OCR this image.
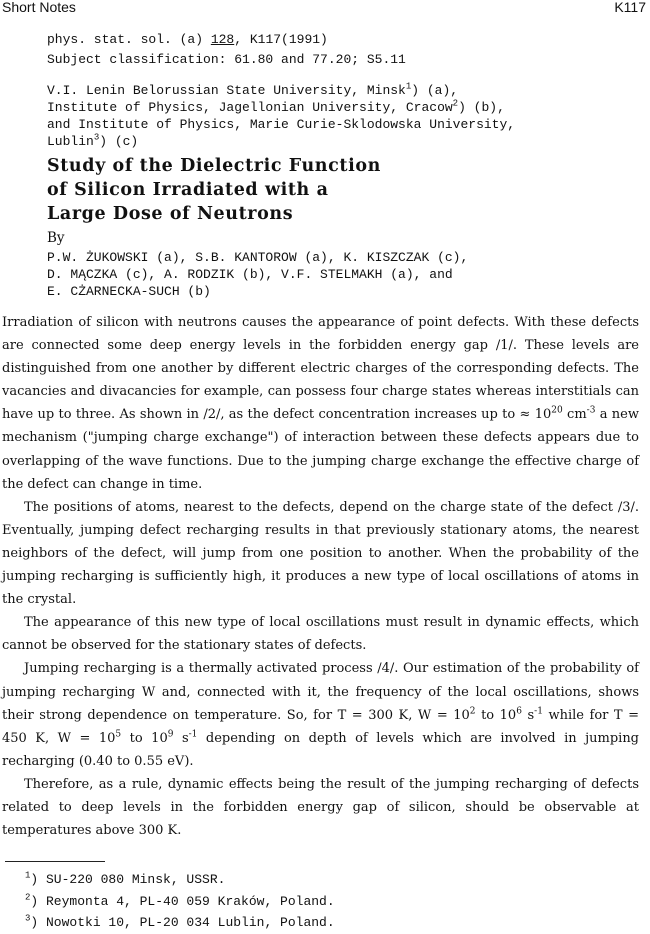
Short Notes	K117
phys. stat. sol. (a) 128, K117(1991)
Subject classification: 61.80 and 77.20; S5.11
V.I. Lenin Belorussian State University, Minsk$^1$) (a),
Institute of Physics, Jagellonian University, Cracow$^2$) (b),
and Institute of Physics, Marie Curie-Sklodowska University,
Lublin$^3$) (c)
Study of the Dielectric Function
of Silicon Irradiated with a
Large Dose of Neutrons
By
P.W. ŻUKOWSKI (a), S.B. KANTOROW (a), K. KISZCZAK (c),
D. MĄCZKA (c), A. RODZIK (b), V.F. STELMAKH (a), and
E. CŻARNECKA-SUCH (b)

Irradiation of silicon with neutrons causes the appearance of point defects. With these defects are connected some deep energy levels in the forbidden energy gap /1/. These levels are distinguished from one another by different electric charges of the corresponding defects. The vacancies and divacancies for example, can possess four charge states whereas interstitials can have up to three. As shown in /2/, as the defect concentration increases up to ≈ $10^{20}$ $cm^{-3}$ a new mechanism ("jumping charge exchange") of interaction between these defects appears due to overlapping of the wave functions. Due to the jumping charge exchange the effective charge of the defect can change in time.

The positions of atoms, nearest to the defects, depend on the charge state of the defect /3/. Eventually, jumping defect recharging results in that previously stationary atoms, the nearest neighbors of the defect, will jump from one position to another. When the probability of the jumping recharging is sufficiently high, it produces a new type of local oscillations of atoms in the crystal.

The appearance of this new type of local oscillations must result in dynamic effects, which cannot be observed for the stationary states of defects.

Jumping recharging is a thermally activated process /4/. Our estimation of the probability of jumping recharging W and, connected with it, the frequency of the local oscillations, shows their strong dependence on temperature. So, for T = 300 K, $W = 10^2$ to $10^6$ $s^{-1}$ while for T = 450 K, $W = 10^5$ to $10^9$ $s^{-1}$ depending on depth of levels which are involved in jumping recharging (0.40 to 0.55 eV).

Therefore, as a rule, dynamic effects being the result of the jumping recharging of defects related to deep levels in the forbidden energy gap of silicon, should be observable at temperatures above 300 K.

$^1$) SU-220 080 Minsk, USSR.
$^2$) Reymonta 4, PL-40 059 Kraków, Poland.
$^3$) Nowotki 10, PL-20 034 Lublin, Poland.
